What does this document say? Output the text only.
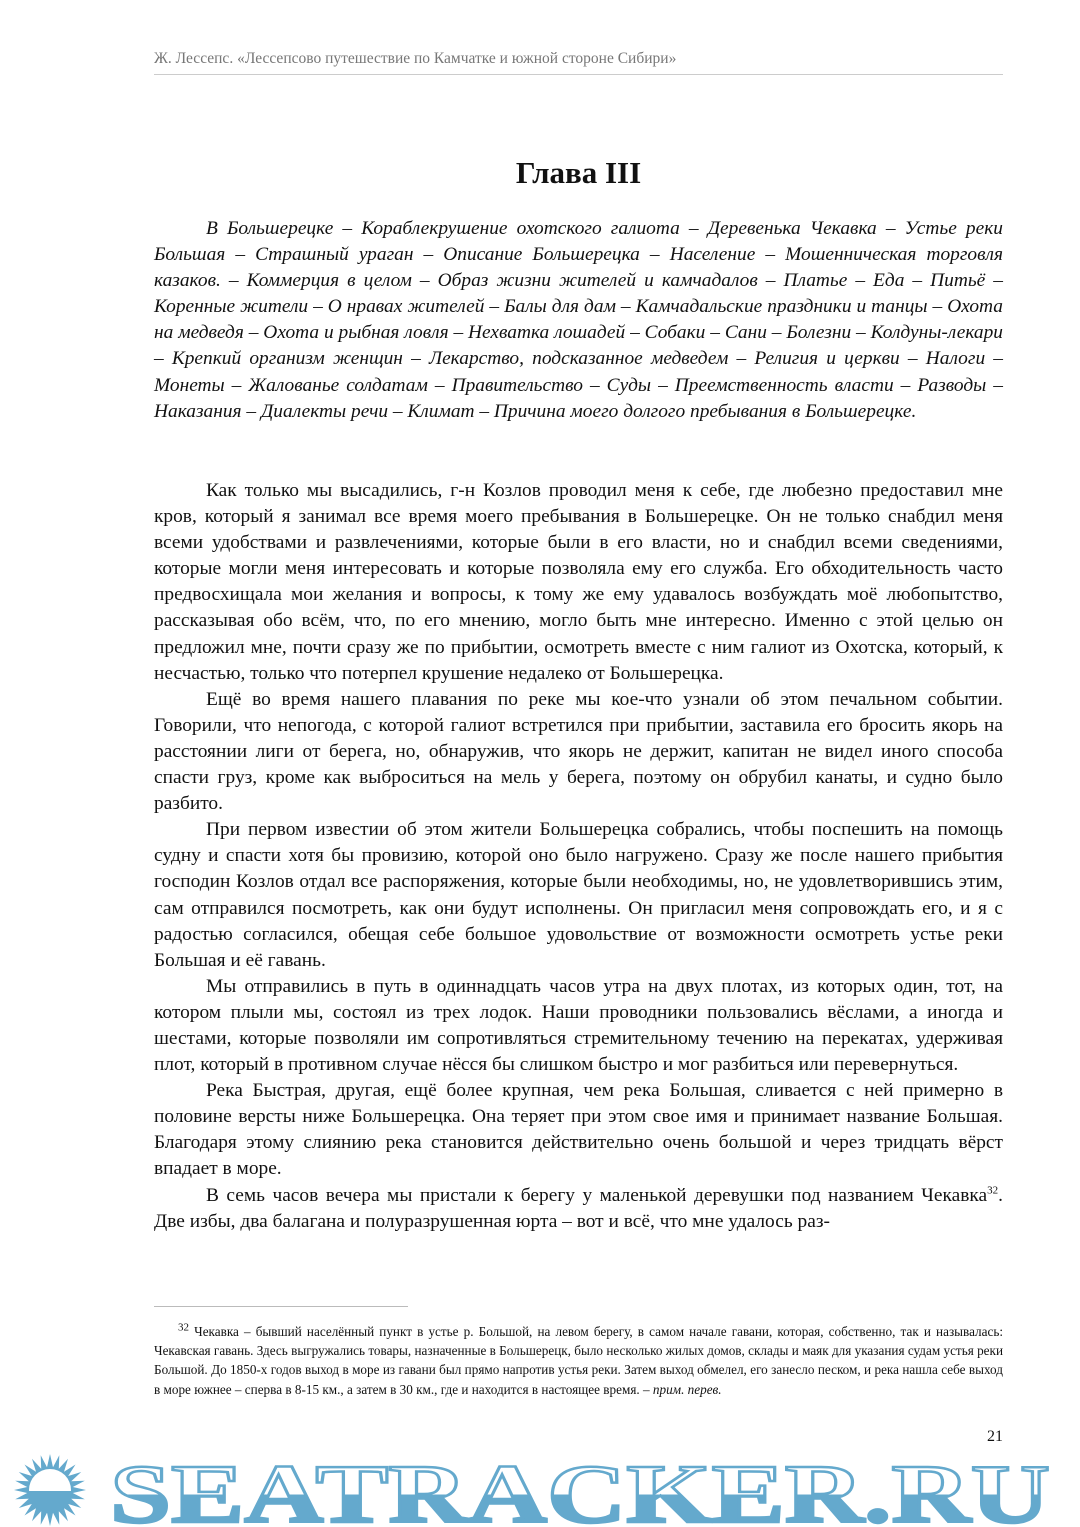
Ж. Лессепс. «Лессепсово путешествие по Камчатке и южной стороне Сибири»
Глава III
В Большерецке – Кораблекрушение охотского галиота – Деревенька Чекавка – Устье реки Большая – Страшный ураган – Описание Большерецка – Население – Мошенническая торговля казаков. – Коммерция в целом – Образ жизни жителей и камчадалов – Платье – Еда – Питьё – Коренные жители – О нравах жителей – Балы для дам – Камчадальские праздники и танцы – Охота на медведя – Охота и рыбная ловля – Нехватка лошадей – Собаки – Сани – Болезни – Колдуны-лекари – Крепкий организм женщин – Лекарство, подсказанное медведем – Религия и церкви – Налоги – Монеты – Жалованье солдатам – Правительство – Суды – Преемственность власти – Разводы – Наказания – Диалекты речи – Климат – Причина моего долгого пребывания в Большерецке.

Как только мы высадились, г-н Козлов проводил меня к себе, где любезно предоставил мне кров, который я занимал все время моего пребывания в Большерецке. Он не только снабдил меня всеми удобствами и развлечениями, которые были в его власти, но и снабдил всеми сведениями, которые могли меня интересовать и которые позволяла ему его служба. Его обходительность часто предвосхищала мои желания и вопросы, к тому же ему удавалось возбуждать моё любопытство, рассказывая обо всём, что, по его мнению, могло быть мне интересно. Именно с этой целью он предложил мне, почти сразу же по прибытии, осмотреть вместе с ним галиот из Охотска, который, к несчастью, только что потерпел крушение недалеко от Большерецка.

Ещё во время нашего плавания по реке мы кое-что узнали об этом печальном событии. Говорили, что непогода, с которой галиот встретился при прибытии, заставила его бросить якорь на расстоянии лиги от берега, но, обнаружив, что якорь не держит, капитан не видел иного способа спасти груз, кроме как выброситься на мель у берега, поэтому он обрубил канаты, и судно было разбито.

При первом известии об этом жители Большерецка собрались, чтобы поспешить на помощь судну и спасти хотя бы провизию, которой оно было нагружено. Сразу же после нашего прибытия господин Козлов отдал все распоряжения, которые были необходимы, но, не удовлетворившись этим, сам отправился посмотреть, как они будут исполнены. Он пригласил меня сопровождать его, и я с радостью согласился, обещая себе большое удовольствие от возможности осмотреть устье реки Большая и её гавань.

Мы отправились в путь в одиннадцать часов утра на двух плотах, из которых один, тот, на котором плыли мы, состоял из трех лодок. Наши проводники пользовались вёслами, а иногда и шестами, которые позволяли им сопротивляться стремительному течению на перекатах, удерживая плот, который в противном случае нёсся бы слишком быстро и мог разбиться или перевернуться.

Река Быстрая, другая, ещё более крупная, чем река Большая, сливается с ней примерно в половине версты ниже Большерецка. Она теряет при этом свое имя и принимает название Большая. Благодаря этому слиянию река становится действительно очень большой и через тридцать вёрст впадает в море.

В семь часов вечера мы пристали к берегу у маленькой деревушки под названием Чекавка$^{32}$. Две избы, два балагана и полуразрушенная юрта – вот и всё, что мне удалось раз-

$^{32}$ Чекавка – бывший населённый пункт в устье р. Большой, на левом берегу, в самом начале гавани, которая, собственно, так и называлась: Чекавская гавань. Здесь выгружались товары, назначенные в Большерецк, было несколько жилых домов, склады и маяк для указания судам устья реки Большой. До 1850-х годов выход в море из гавани был прямо напротив устья реки. Затем выход обмелел, его занесло песком, и река нашла себе выход в море южнее – сперва в 8-15 км., а затем в 30 км., где и находится в настоящее время. – прим. перев.
21
SEATRACKER.RU
